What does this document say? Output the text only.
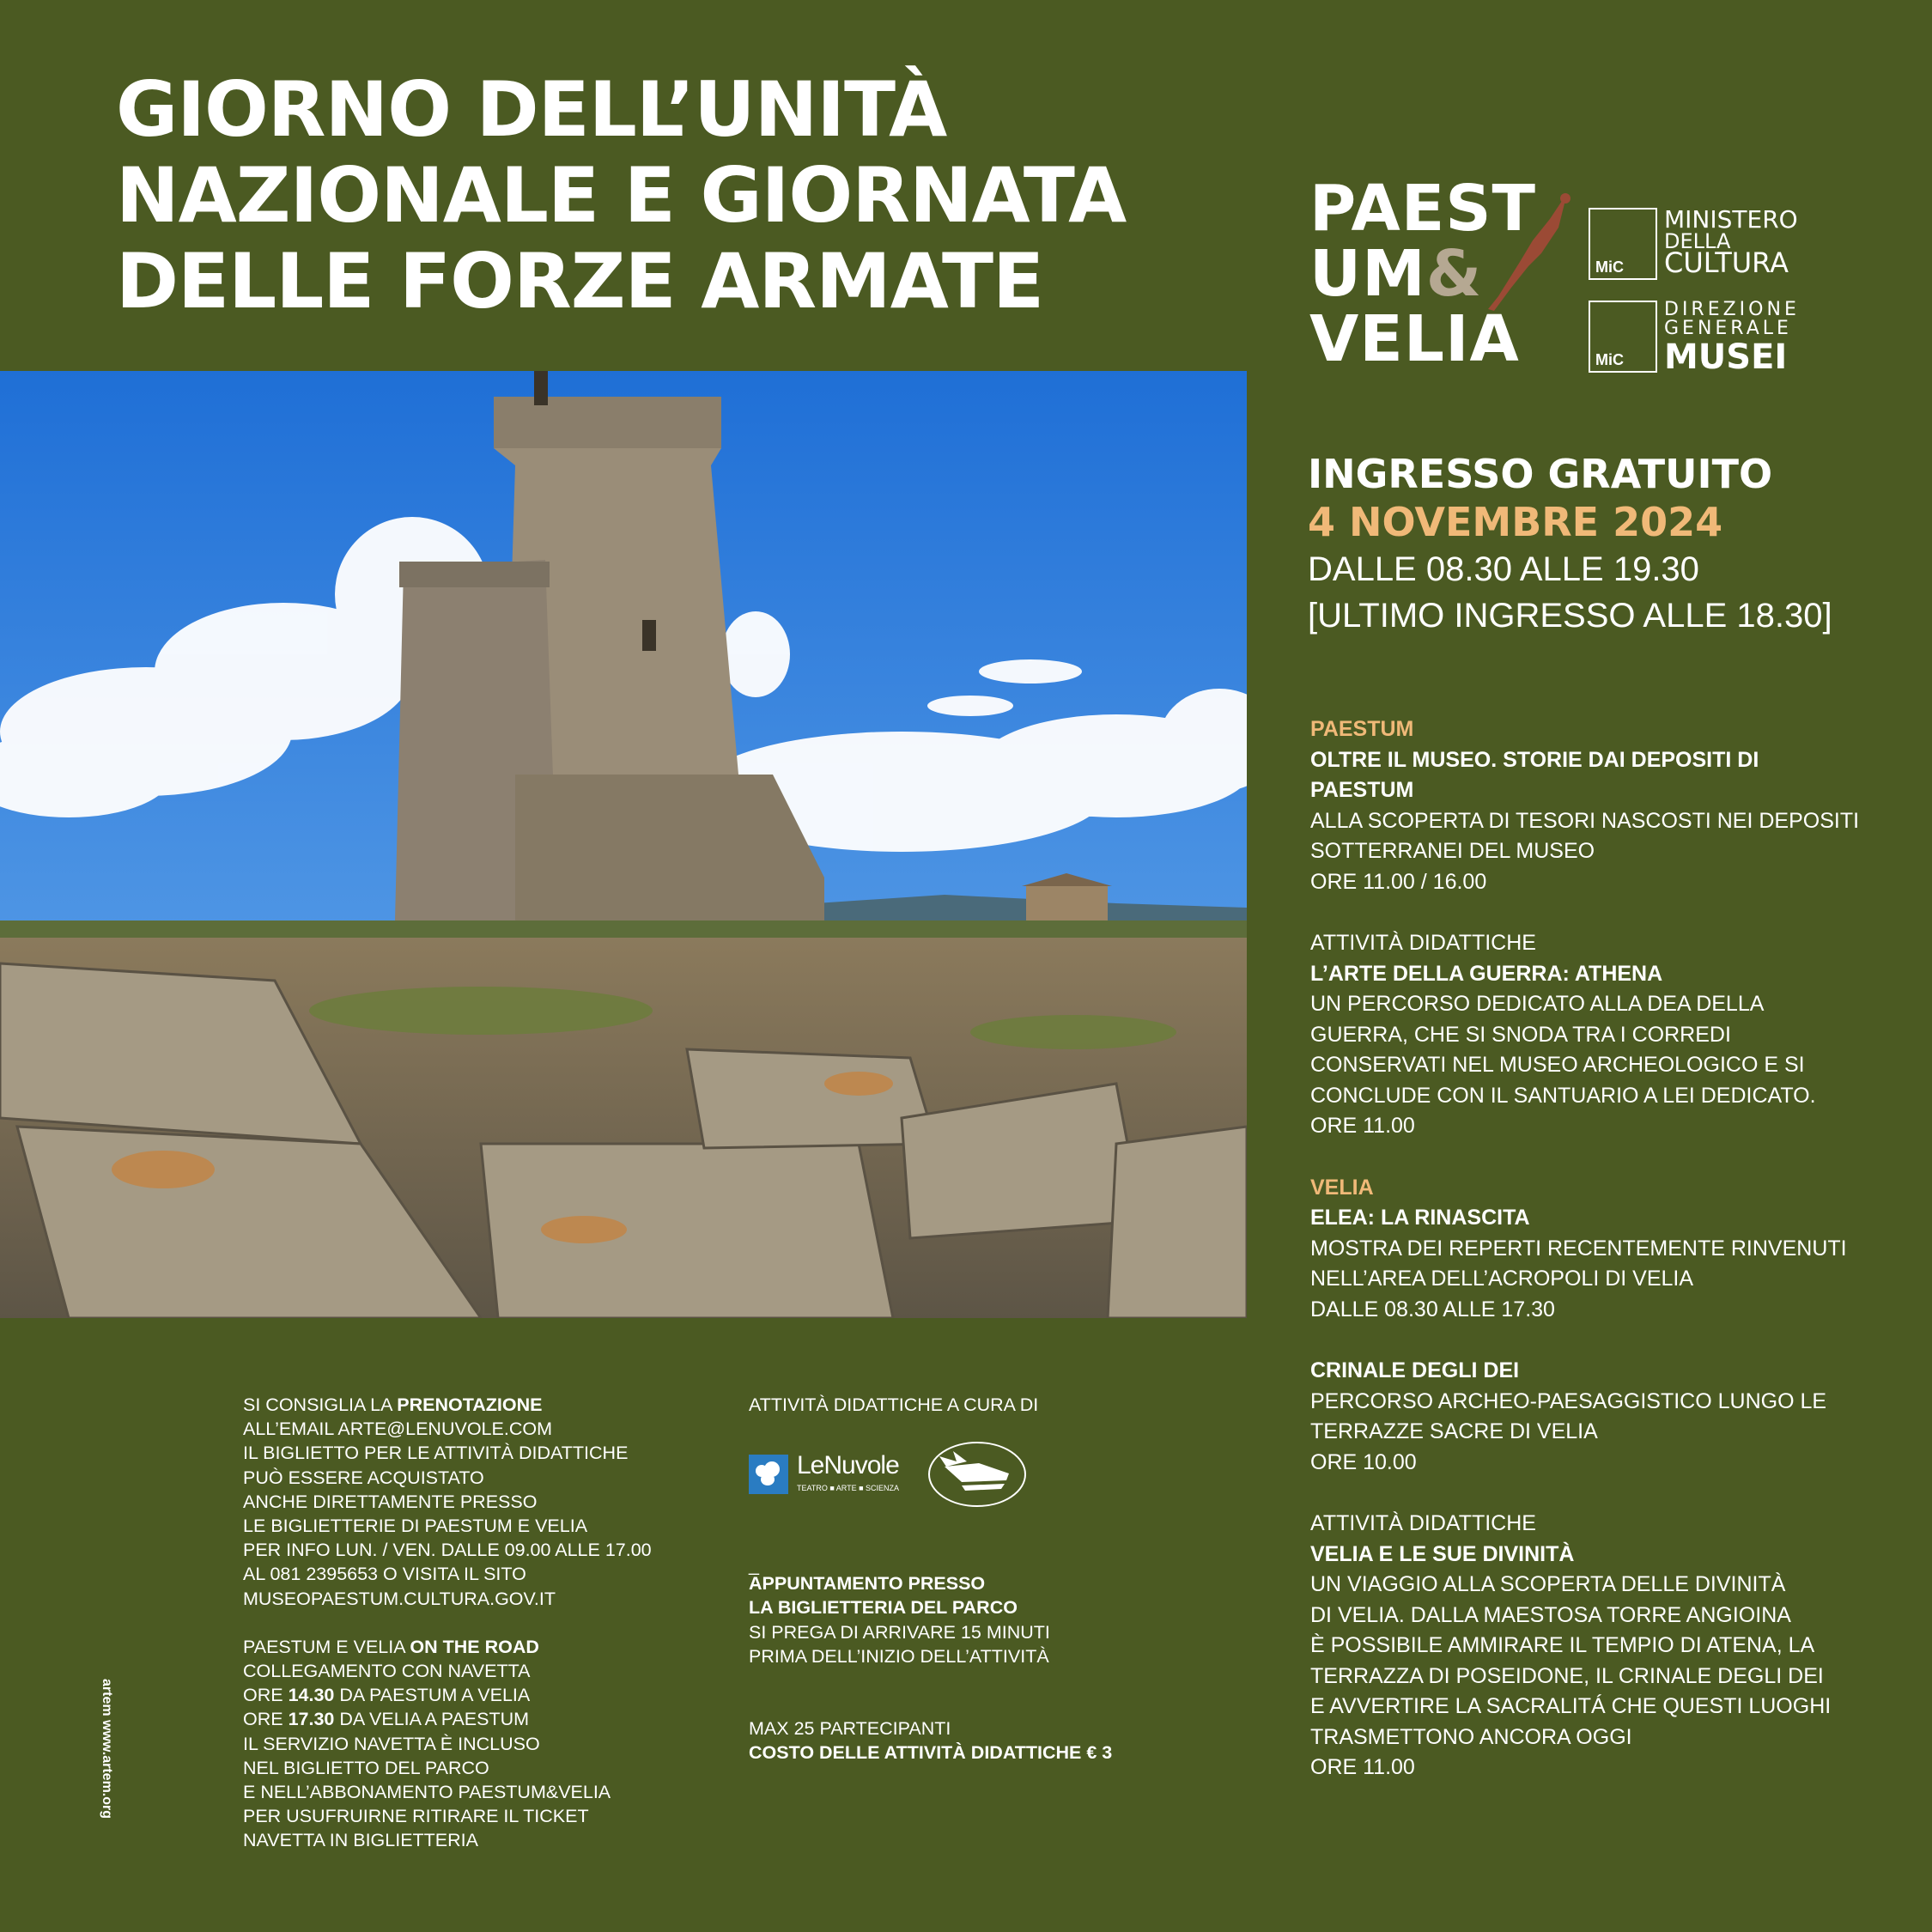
GIORNO DELL’UNITÀ
NAZIONALE E GIORNATA
DELLE FORZE ARMATE
PAEST
UM&
VELIA
MiC
MINISTERO
DELLA
CULTURA
MiC
DIREZIONE
GENERALE
MUSEI
INGRESSO GRATUITO
4 NOVEMBRE 2024
DALLE 08.30 ALLE 19.30
[ULTIMO INGRESSO ALLE 18.30]
PAESTUM
OLTRE IL MUSEO. STORIE DAI DEPOSITI DI
PAESTUM
ALLA SCOPERTA DI TESORI NASCOSTI NEI DEPOSITI
SOTTERRANEI DEL MUSEO
ORE 11.00 / 16.00
ATTIVITÀ DIDATTICHE
L’ARTE DELLA GUERRA: ATHENA
UN PERCORSO DEDICATO ALLA DEA DELLA
GUERRA, CHE SI SNODA TRA I CORREDI
CONSERVATI NEL MUSEO ARCHEOLOGICO E SI
CONCLUDE CON IL SANTUARIO A LEI DEDICATO.
ORE 11.00
VELIA
ELEA: LA RINASCITA
MOSTRA DEI REPERTI RECENTEMENTE RINVENUTI
NELL’AREA DELL’ACROPOLI DI VELIA
DALLE 08.30 ALLE 17.30
CRINALE DEGLI DEI
PERCORSO ARCHEO-PAESAGGISTICO LUNGO LE
TERRAZZE SACRE DI VELIA
ORE 10.00
ATTIVITÀ DIDATTICHE
VELIA E LE SUE DIVINITÀ
UN VIAGGIO ALLA SCOPERTA DELLE DIVINITÀ
DI VELIA. DALLA MAESTOSA TORRE ANGIOINA
È POSSIBILE AMMIRARE IL TEMPIO DI ATENA, LA
TERRAZZA DI POSEIDONE, IL CRINALE DEGLI DEI
E AVVERTIRE LA SACRALITÁ CHE QUESTI LUOGHI
TRASMETTONO ANCORA OGGI
ORE 11.00
SI CONSIGLIA LA PRENOTAZIONE
ALL’EMAIL ARTE@LENUVOLE.COM
IL BIGLIETTO PER LE ATTIVITÀ DIDATTICHE
PUÒ ESSERE ACQUISTATO
ANCHE DIRETTAMENTE PRESSO
LE BIGLIETTERIE DI PAESTUM E VELIA
PER INFO LUN. / VEN. DALLE 09.00 ALLE 17.00
AL 081 2395653 O VISITA IL SITO
MUSEOPAESTUM.CULTURA.GOV.IT
PAESTUM E VELIA ON THE ROAD
COLLEGAMENTO CON NAVETTA
ORE 14.30 DA PAESTUM A VELIA
ORE 17.30 DA VELIA A PAESTUM
IL SERVIZIO NAVETTA È INCLUSO
NEL BIGLIETTO DEL PARCO
E NELL’ABBONAMENTO PAESTUM&VELIA
PER USUFRUIRNE RITIRARE IL TICKET
NAVETTA IN BIGLIETTERIA
ATTIVITÀ DIDATTICHE A CURA DI
_
APPUNTAMENTO PRESSO
LA BIGLIETTERIA DEL PARCO
SI PREGA DI ARRIVARE 15 MINUTI
PRIMA DELL’INIZIO DELL’ATTIVITÀ
MAX 25 PARTECIPANTI
COSTO DELLE ATTIVITÀ DIDATTICHE € 3
LeNuvole
TEATRO ■ ARTE ■ SCIENZA
artem www.artem.org
